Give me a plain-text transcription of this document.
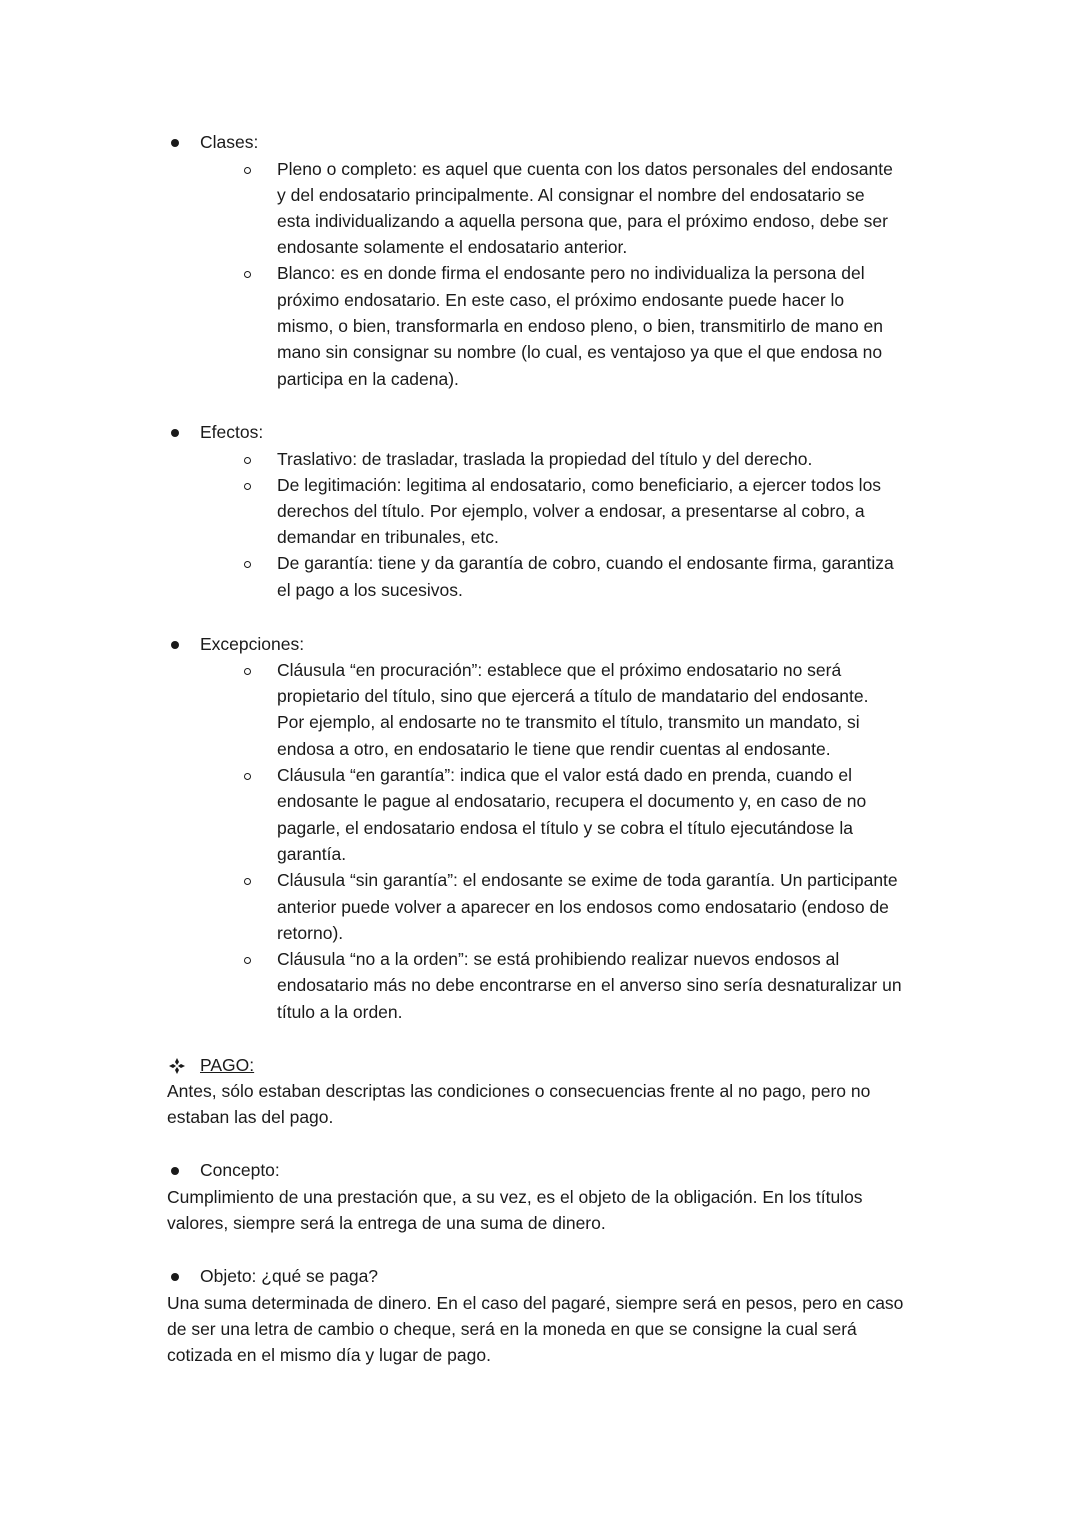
Clases:
Pleno o completo: es aquel que cuenta con los datos personales del endosante
y del endosatario principalmente. Al consignar el nombre del endosatario se
esta individualizando a aquella persona que, para el próximo endoso, debe ser
endosante solamente el endosatario anterior.
Blanco: es en donde firma el endosante pero no individualiza la persona del
próximo endosatario. En este caso, el próximo endosante puede hacer lo
mismo, o bien, transformarla en endoso pleno, o bien, transmitirlo de mano en
mano sin consignar su nombre (lo cual, es ventajoso ya que el que endosa no
participa en la cadena).
Efectos:
Traslativo: de trasladar, traslada la propiedad del título y del derecho.
De legitimación: legitima al endosatario, como beneficiario, a ejercer todos los
derechos del título. Por ejemplo, volver a endosar, a presentarse al cobro, a
demandar en tribunales, etc.
De garantía: tiene y da garantía de cobro, cuando el endosante firma, garantiza
el pago a los sucesivos.
Excepciones:
Cláusula “en procuración”: establece que el próximo endosatario no será
propietario del título, sino que ejercerá a título de mandatario del endosante.
Por ejemplo, al endosarte no te transmito el título, transmito un mandato, si
endosa a otro, en endosatario le tiene que rendir cuentas al endosante.
Cláusula “en garantía”: indica que el valor está dado en prenda, cuando el
endosante le pague al endosatario, recupera el documento y, en caso de no
pagarle, el endosatario endosa el título y se cobra el título ejecutándose la
garantía.
Cláusula “sin garantía”: el endosante se exime de toda garantía. Un participante
anterior puede volver a aparecer en los endosos como endosatario (endoso de
retorno).
Cláusula “no a la orden”: se está prohibiendo realizar nuevos endosos al
endosatario más no debe encontrarse en el anverso sino sería desnaturalizar un
título a la orden.
PAGO:
Antes, sólo estaban descriptas las condiciones o consecuencias frente al no pago, pero no
estaban las del pago.
Concepto:
Cumplimiento de una prestación que, a su vez, es el objeto de la obligación. En los títulos
valores, siempre será la entrega de una suma de dinero.
Objeto: ¿qué se paga?
Una suma determinada de dinero. En el caso del pagaré, siempre será en pesos, pero en caso
de ser una letra de cambio o cheque, será en la moneda en que se consigne la cual será
cotizada en el mismo día y lugar de pago.
